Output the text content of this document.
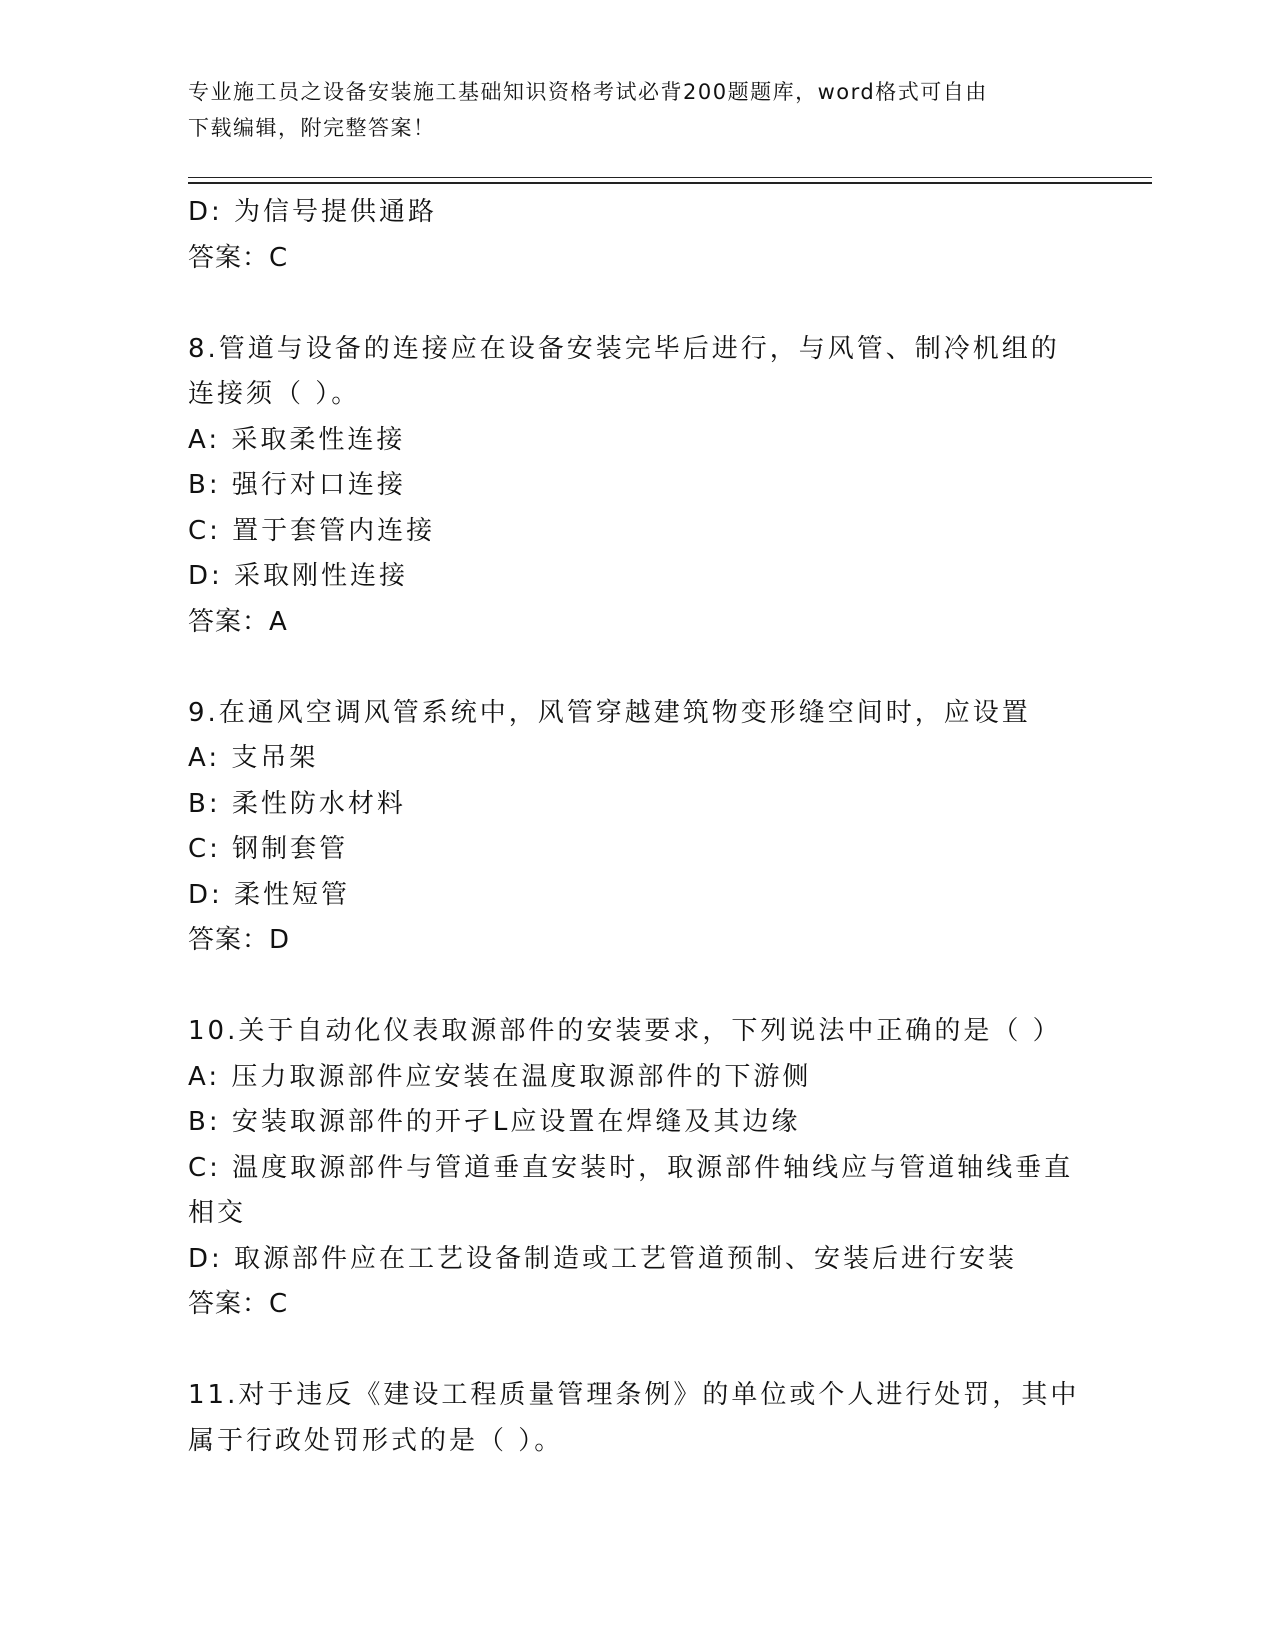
专业施工员之设备安装施工基础知识资格考试必背200题题库，word格式可自由
下载编辑，附完整答案！
D: 为信号提供通路
答案：C
8.管道与设备的连接应在设备安装完毕后进行，与风管、制冷机组的
连接须（ ）。
A: 采取柔性连接
B: 强行对口连接
C: 置于套管内连接
D: 采取刚性连接
答案：A
9.在通风空调风管系统中，风管穿越建筑物变形缝空间时，应设置
A: 支吊架
B: 柔性防水材料
C: 钢制套管
D: 柔性短管
答案：D
10.关于自动化仪表取源部件的安装要求，下列说法中正确的是（ ）
A: 压力取源部件应安装在温度取源部件的下游侧
B: 安装取源部件的开孑L应设置在焊缝及其边缘
C: 温度取源部件与管道垂直安装时，取源部件轴线应与管道轴线垂直
相交
D: 取源部件应在工艺设备制造或工艺管道预制、安装后进行安装
答案：C
11.对于违反《建设工程质量管理条例》的单位或个人进行处罚，其中
属于行政处罚形式的是（ ）。
